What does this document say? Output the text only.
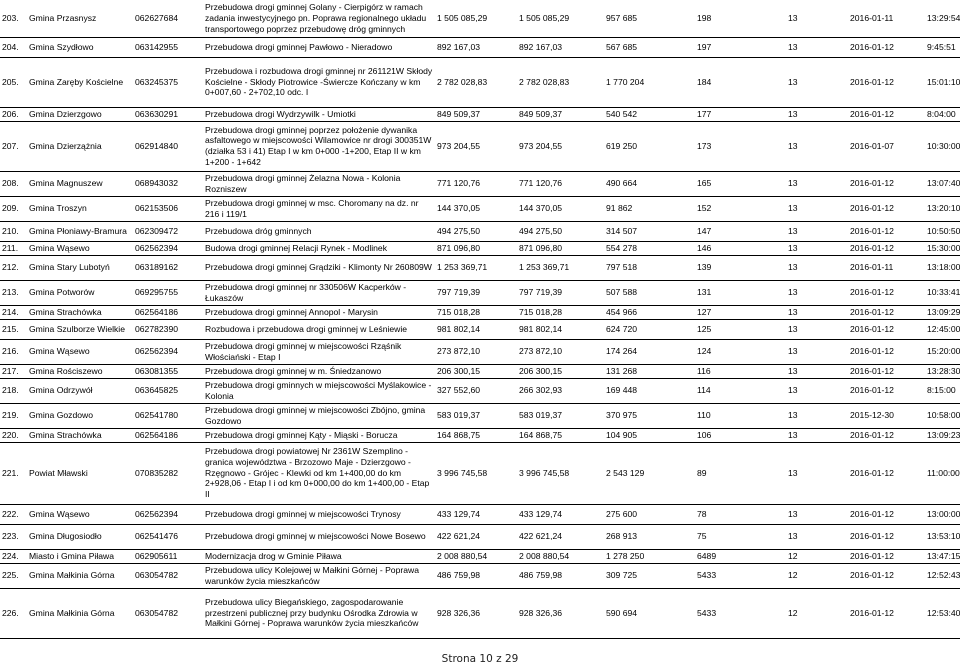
203.	Gmina Przasnysz	062627684	Przebudowa drogi gminnej Golany - Cierpigórz w ramach zadania inwestycyjnego pn. Poprawa regionalnego układu transportowego poprzez przebudowę dróg gminnych	1 505 085,29	1 505 085,29	957 685	198	13	2016-01-11	13:29:54
204.	Gmina Szydłowo	063142955	Przebudowa drogi gminnej Pawłowo - Nieradowo	892 167,03	892 167,03	567 685	197	13	2016-01-12	9:45:51
205.	Gmina Zaręby Kościelne	063245375	Przebudowa i rozbudowa drogi gminnej nr 261121W Skłody Kościelne - Skłody Piotrowice -Świercze Kończany w km 0+007,60 - 2+702,10 odc. I	2 782 028,83	2 782 028,83	1 770 204	184	13	2016-01-12	15:01:10
206.	Gmina Dzierzgowo	063630291	Przebudowa drogi Wydrzywilk - Umiotki	849 509,37	849 509,37	540 542	177	13	2016-01-12	8:04:00
207.	Gmina Dzierzążnia	062914840	Przebudowa drogi gminnej poprzez położenie dywanika asfaltowego w miejscowości Wilamowice nr drogi 300351W (działka 53 i 41) Etap I w km 0+000 -1+200, Etap II w km 1+200 - 1+642	973 204,55	973 204,55	619 250	173	13	2016-01-07	10:30:00
208.	Gmina Magnuszew	068943032	Przebudowa drogi gminnej Żelazna Nowa - Kolonia Rozniszew	771 120,76	771 120,76	490 664	165	13	2016-01-12	13:07:40
209.	Gmina Troszyn	062153506	Przebudowa drogi gminnej w msc. Choromany na dz. nr 216 i 119/1	144 370,05	144 370,05	91 862	152	13	2016-01-12	13:20:10
210.	Gmina Płoniawy-Bramura	062309472	Przebudowa dróg gminnych	494 275,50	494 275,50	314 507	147	13	2016-01-12	10:50:50
211.	Gmina Wąsewo	062562394	Budowa drogi gminnej Relacji Rynek - Modlinek	871 096,80	871 096,80	554 278	146	13	2016-01-12	15:30:00
212.	Gmina Stary Lubotyń	063189162	Przebudowa drogi gminnej Grądziki - Klimonty Nr 260809W	1 253 369,71	1 253 369,71	797 518	139	13	2016-01-11	13:18:00
213.	Gmina Potworów	069295755	Przebudowa drogi gminnej nr 330506W Kacperków - Łukaszów	797 719,39	797 719,39	507 588	131	13	2016-01-12	10:33:41
214.	Gmina Strachówka	062564186	Przebudowa drogi gminnej Annopol - Marysin	715 018,28	715 018,28	454 966	127	13	2016-01-12	13:09:29
215.	Gmina Szulborze Wielkie	062782390	Rozbudowa i przebudowa drogi gminnej w Leśniewie	981 802,14	981 802,14	624 720	125	13	2016-01-12	12:45:00
216.	Gmina Wąsewo	062562394	Przebudowa drogi gminnej w miejscowości Rząśnik Włościański - Etap I	273 872,10	273 872,10	174 264	124	13	2016-01-12	15:20:00
217.	Gmina Rościszewo	063081355	Przebudowa drogi gminnej w m. Śniedzanowo	206 300,15	206 300,15	131 268	116	13	2016-01-12	13:28:30
218.	Gmina Odrzywół	063645825	Przebudowa drogi gminnych w miejscowości Myślakowice - Kolonia	327 552,60	266 302,93	169 448	114	13	2016-01-12	8:15:00
219.	Gmina Gozdowo	062541780	Przebudowa drogi gminnej w miejscowości Zbójno, gmina Gozdowo	583 019,37	583 019,37	370 975	110	13	2015-12-30	10:58:00
220.	Gmina Strachówka	062564186	Przebudowa drogi gminnej Kąty - Miąski - Borucza	164 868,75	164 868,75	104 905	106	13	2016-01-12	13:09:23
221.	Powiat Mławski	070835282	Przebudowa drogi powiatowej Nr 2361W Szemplino - granica województwa - Brzozowo Maje - Dzierzgowo - Rzęgnowo - Grójec - Klewki od km 1+400,00 do km 2+928,06 - Etap I i od km 0+000,00 do km 1+400,00 - Etap II	3 996 745,58	3 996 745,58	2 543 129	89	13	2016-01-12	11:00:00
222.	Gmina Wąsewo	062562394	Przebudowa drogi gminnej w miejscowości Trynosy	433 129,74	433 129,74	275 600	78	13	2016-01-12	13:00:00
223.	Gmina Długosiodło	062541476	Przebudowa drogi gminnej w miejscowości Nowe Bosewo	422 621,24	422 621,24	268 913	75	13	2016-01-12	13:53:10
224.	Miasto i Gmina Piława	062905611	Modernizacja drog w Gminie Piława	2 008 880,54	2 008 880,54	1 278 250	6489	12	2016-01-12	13:47:15
225.	Gmina Małkinia Górna	063054782	Przebudowa ulicy Kolejowej w Małkini Górnej - Poprawa warunków życia mieszkańców	486 759,98	486 759,98	309 725	5433	12	2016-01-12	12:52:43
226.	Gmina Małkinia Górna	063054782	Przebudowa ulicy Biegańskiego, zagospodarowanie przestrzeni publicznej przy budynku Ośrodka Zdrowia w Małkini Górnej - Poprawa warunków życia mieszkańców	928 326,36	928 326,36	590 694	5433	12	2016-01-12	12:53:40
Strona 10 z 29
